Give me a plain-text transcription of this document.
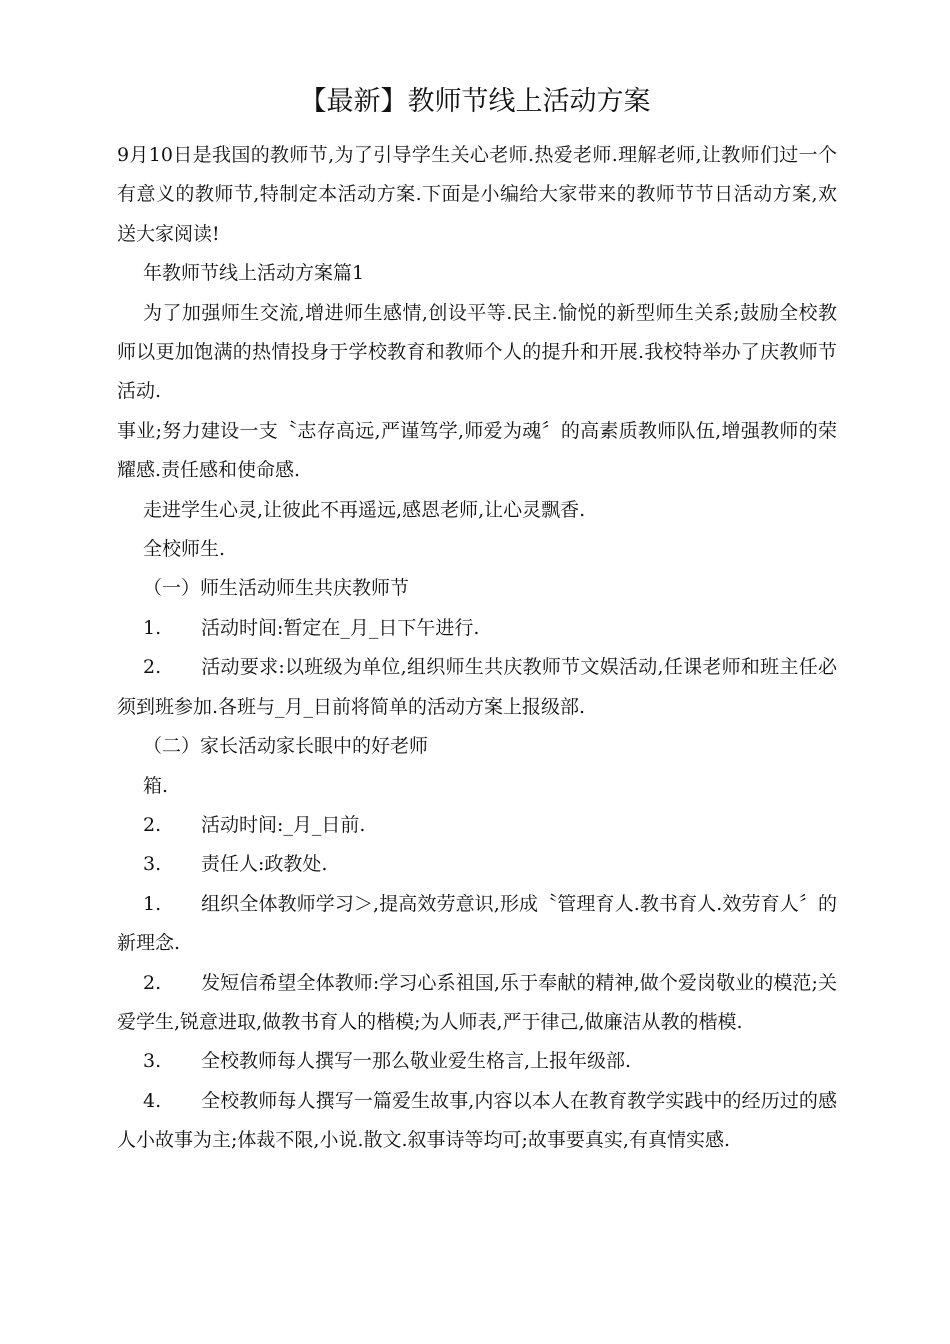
【最新】教师节线上活动方案

9月10日是我国的教师节,为了引导学生关心老师.热爱老师.理解老师,让教师们过一个有意义的教师节,特制定本活动方案.下面是小编给大家带来的教师节节日活动方案,欢送大家阅读!

年教师节线上活动方案篇1

为了加强师生交流,增进师生感情,创设平等.民主.愉悦的新型师生关系;鼓励全校教师以更加饱满的热情投身于学校教育和教师个人的提升和开展.我校特举办了庆教师节活动.

事业;努力建设一支〝志存高远,严谨笃学,师爱为魂〞的高素质教师队伍,增强教师的荣耀感.责任感和使命感.

走进学生心灵,让彼此不再遥远,感恩老师,让心灵飘香.

全校师生.

（一）师生活动师生共庆教师节

1. 活动时间:暂定在_月_日下午进行.

2. 活动要求:以班级为单位,组织师生共庆教师节文娱活动,任课老师和班主任必须到班参加.各班与_月_日前将简单的活动方案上报级部.

（二）家长活动家长眼中的好老师

箱.

2. 活动时间:_月_日前.

3. 责任人:政教处.

1. 组织全体教师学习＞,提高效劳意识,形成〝管理育人.教书育人.效劳育人〞的新理念.

2. 发短信希望全体教师:学习心系祖国,乐于奉献的精神,做个爱岗敬业的模范;关爱学生,锐意进取,做教书育人的楷模;为人师表,严于律己,做廉洁从教的楷模.

3. 全校教师每人撰写一那么敬业爱生格言,上报年级部.

4. 全校教师每人撰写一篇爱生故事,内容以本人在教育教学实践中的经历过的感人小故事为主;体裁不限,小说.散文.叙事诗等均可;故事要真实,有真情实感.
